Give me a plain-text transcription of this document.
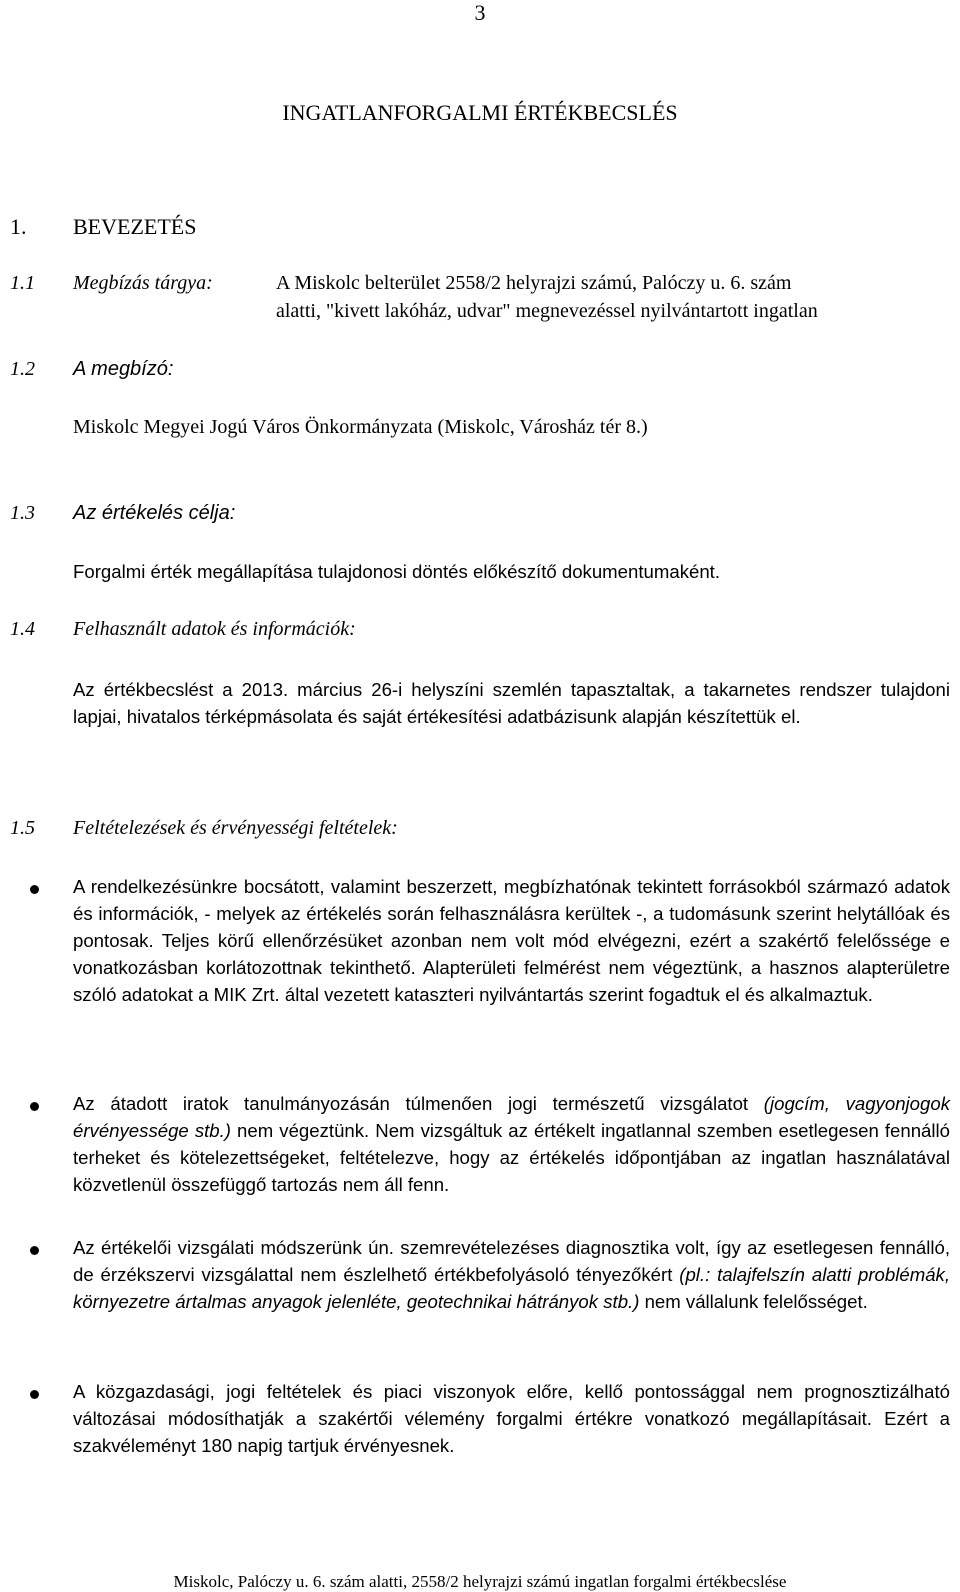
3
INGATLANFORGALMI ÉRTÉKBECSLÉS
1. BEVEZETÉS
1.1 Megbízás tárgya:	A Miskolc belterület 2558/2 helyrajzi számú, Palóczy u. 6. szám
alatti, "kivett lakóház, udvar" megnevezéssel nyilvántartott ingatlan
1.2 A megbízó:
Miskolc Megyei Jogú Város Önkormányzata (Miskolc, Városház tér 8.)
1.3 Az értékelés célja:
Forgalmi érték megállapítása tulajdonosi döntés előkészítő dokumentumaként.
1.4 Felhasznált adatok és információk:
Az értékbecslést a 2013. március 26-i helyszíni szemlén tapasztaltak, a takarnetes rendszer tulajdoni lapjai, hivatalos térképmásolata és saját értékesítési adatbázisunk alapján készítettük el.
1.5 Feltételezések és érvényességi feltételek:
A rendelkezésünkre bocsátott, valamint beszerzett, megbízhatónak tekintett forrásokból származó adatok és információk, - melyek az értékelés során felhasználásra kerültek -, a tudomásunk szerint helytállóak és pontosak. Teljes körű ellenőrzésüket azonban nem volt mód elvégezni, ezért a szakértő felelőssége e vonatkozásban korlátozottnak tekinthető. Alapterületi felmérést nem végeztünk, a hasznos alapterületre szóló adatokat a MIK Zrt. által vezetett kataszteri nyilvántartás szerint fogadtuk el és alkalmaztuk.
Az átadott iratok tanulmányozásán túlmenően jogi természetű vizsgálatot (jogcím, vagyonjogok érvényessége stb.) nem végeztünk. Nem vizsgáltuk az értékelt ingatlannal szemben esetlegesen fennálló terheket és kötelezettségeket, feltételezve, hogy az értékelés időpontjában az ingatlan használatával közvetlenül összefüggő tartozás nem áll fenn.
Az értékelői vizsgálati módszerünk ún. szemrevételezéses diagnosztika volt, így az esetlegesen fennálló, de érzékszervi vizsgálattal nem észlelhető értékbefolyásoló tényezőkért (pl.: talajfelszín alatti problémák, környezetre ártalmas anyagok jelenléte, geotechnikai hátrányok stb.) nem vállalunk felelősséget.
A közgazdasági, jogi feltételek és piaci viszonyok előre, kellő pontossággal nem prognosztizálható változásai módosíthatják a szakértői vélemény forgalmi értékre vonatkozó megállapításait. Ezért a szakvéleményt 180 napig tartjuk érvényesnek.
Miskolc, Palóczy u. 6. szám alatti, 2558/2 helyrajzi számú ingatlan forgalmi értékbecslése
